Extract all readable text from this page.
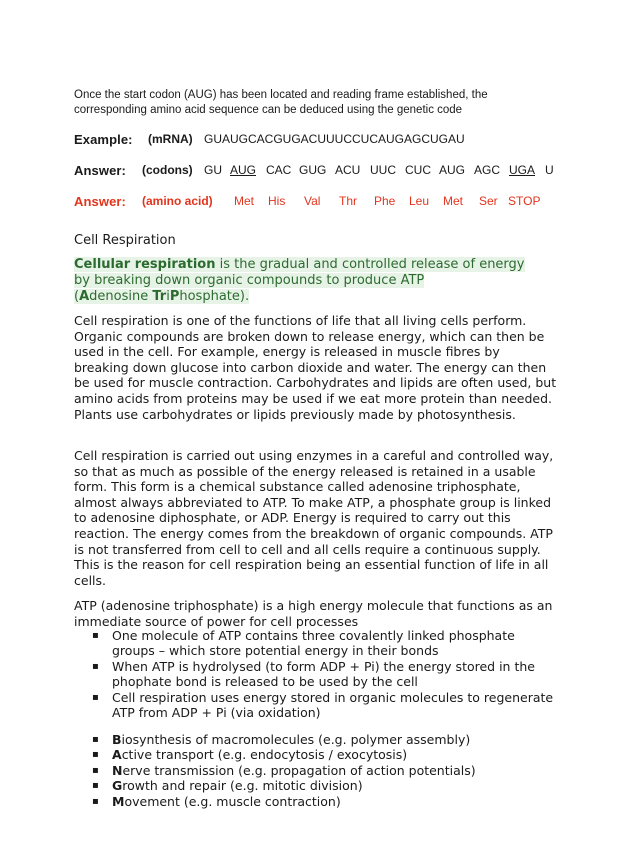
Once the start codon (AUG) has been located and reading frame established, the corresponding amino acid sequence can be deduced using the genetic code
Example: (mRNA) GUAUGCACGUGACUUUCCUCAUGAGCUGAU
Answer: (codons) GU AUG CAC GUG ACU UUC CUC AUG AGC UGA U
Answer: (amino acid) Met His Val Thr Phe Leu Met Ser STOP
Cell Respiration
Cellular respiration is the gradual and controlled release of energy by breaking down organic compounds to produce ATP
(Adenosine TriPhosphate).

Cell respiration is one of the functions of life that all living cells perform. Organic compounds are broken down to release energy, which can then be used in the cell. For example, energy is released in muscle fibres by breaking down glucose into carbon dioxide and water. The energy can then be used for muscle contraction. Carbohydrates and lipids are often used, but amino acids from proteins may be used if we eat more protein than needed. Plants use carbohydrates or lipids previously made by photosynthesis.

Cell respiration is carried out using enzymes in a careful and controlled way, so that as much as possible of the energy released is retained in a usable form. This form is a chemical substance called adenosine triphosphate, almost always abbreviated to ATP. To make ATP, a phosphate group is linked to adenosine diphosphate, or ADP. Energy is required to carry out this reaction. The energy comes from the breakdown of organic compounds. ATP is not transferred from cell to cell and all cells require a continuous supply. This is the reason for cell respiration being an essential function of life in all cells.

ATP (adenosine triphosphate) is a high energy molecule that functions as an immediate source of power for cell processes

▪ One molecule of ATP contains three covalently linked phosphate groups – which store potential energy in their bonds
▪ When ATP is hydrolysed (to form ADP + Pi) the energy stored in the phophate bond is released to be used by the cell
▪ Cell respiration uses energy stored in organic molecules to regenerate ATP from ADP + Pi (via oxidation)
▪ Biosynthesis of macromolecules (e.g. polymer assembly)
▪ Active transport (e.g. endocytosis / exocytosis)
▪ Nerve transmission (e.g. propagation of action potentials)
▪ Growth and repair (e.g. mitotic division)
▪ Movement (e.g. muscle contraction)
